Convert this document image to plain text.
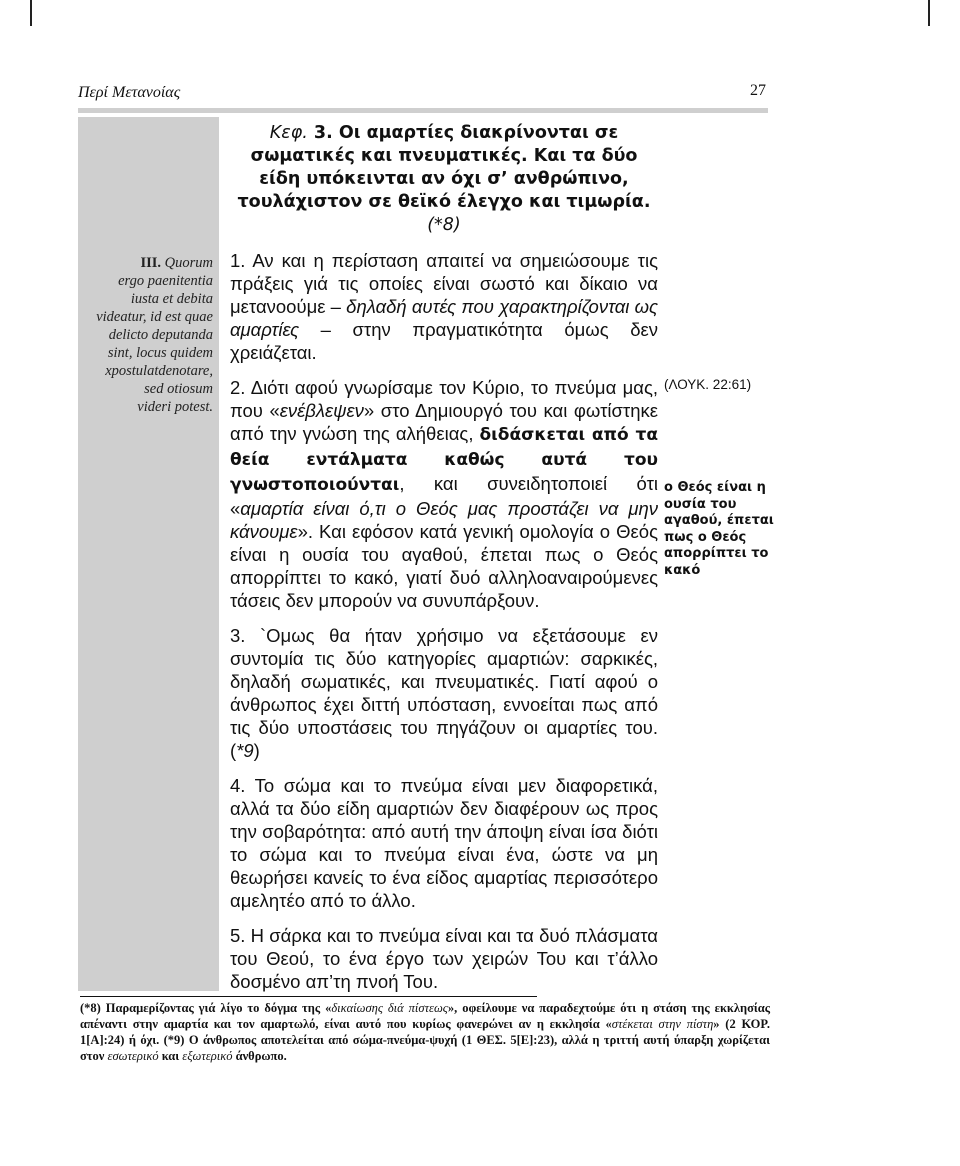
Περί Μετανοίας	27
III. Quorum
ergo paenitentia
iusta et debita
videatur, id est quae
delicto deputanda
sint, locus quidem
xpostulatdenotare,
sed otiosum
videri potest.
Κεφ. 3. Οι αμαρτίες διακρίνονται σε σωματικές και πνευματικές. Και τα δύο είδη υπόκεινται αν όχι σ’ ανθρώπινο, τουλάχιστον σε θεϊκό έλεγχο και τιμωρία. (*8)

1. Αν και η περίσταση απαιτεί να σημειώσουμε τις πράξεις γιά τις οποίες είναι σωστό και δίκαιο να μετανοούμε – δηλαδή αυτές που χαρακτηρίζονται ως αμαρτίες – στην πραγματικότητα όμως δεν χρειάζεται.

2. Διότι αφού γνωρίσαμε τον Κύριο, το πνεύμα μας, που «ενέβλεψεν» στο Δημιουργό του και φωτίστηκε από την γνώση της αλήθειας, διδάσκεται από τα θεία εντάλματα καθώς αυτά του γνωστοποιούνται, και συνειδητοποιεί ότι «αμαρτία είναι ό,τι ο Θεός μας προστάζει να μην κάνουμε». Και εφόσον κατά γενική ομολογία ο Θεός είναι η ουσία του αγαθού, έπεται πως ο Θεός απορρίπτει το κακό, γιατί δυό αλληλοαναιρούμενες τάσεις δεν μπορούν να συνυπάρξουν.

3. `Ομως θα ήταν χρήσιμο να εξετάσουμε εν συντομία τις δύο κατηγορίες αμαρτιών: σαρκικές, δηλαδή σωματικές, και πνευματικές. Γιατί αφού ο άνθρωπος έχει διττή υπόσταση, εννοείται πως από τις δύο υποστάσεις του πηγάζουν οι αμαρτίες του. (*9)

4. Το σώμα και το πνεύμα είναι μεν διαφορετικά, αλλά τα δύο είδη αμαρτιών δεν διαφέρουν ως προς την σοβαρότητα: από αυτή την άποψη είναι ίσα διότι το σώμα και το πνεύμα είναι ένα, ώστε να μη θεωρήσει κανείς το ένα είδος αμαρτίας περισσότερο αμελητέο από το άλλο.

5. Η σάρκα και το πνεύμα είναι και τα δυό πλάσματα του Θεού, το ένα έργο των χειρών Του και τ’άλλο δοσμένο απ’τη πνοή Του.

(ΛΟΥΚ. 22:61)
ο Θεός είναι η ουσία του αγαθού, έπεται πως ο Θεός απορρίπτει το κακό
(*8) Παραμερίζοντας γιά λίγο το δόγμα της «δικαίωσης διά πίστεως», οφείλουμε να παραδεχτούμε ότι η στάση της εκκλησίας απέναντι στην αμαρτία και τον αμαρτωλό, είναι αυτό που κυρίως φανερώνει αν η εκκλησία «στέκεται στην πίστη» (2 ΚΟΡ. 1[Α]:24) ή όχι. (*9) Ο άνθρωπος αποτελείται από σώμα-πνεύμα-ψυχή (1 ΘΕΣ. 5[Ε]:23), αλλά η τριττή αυτή ύπαρξη χωρίζεται στον εσωτερικό και εξωτερικό άνθρωπο.
